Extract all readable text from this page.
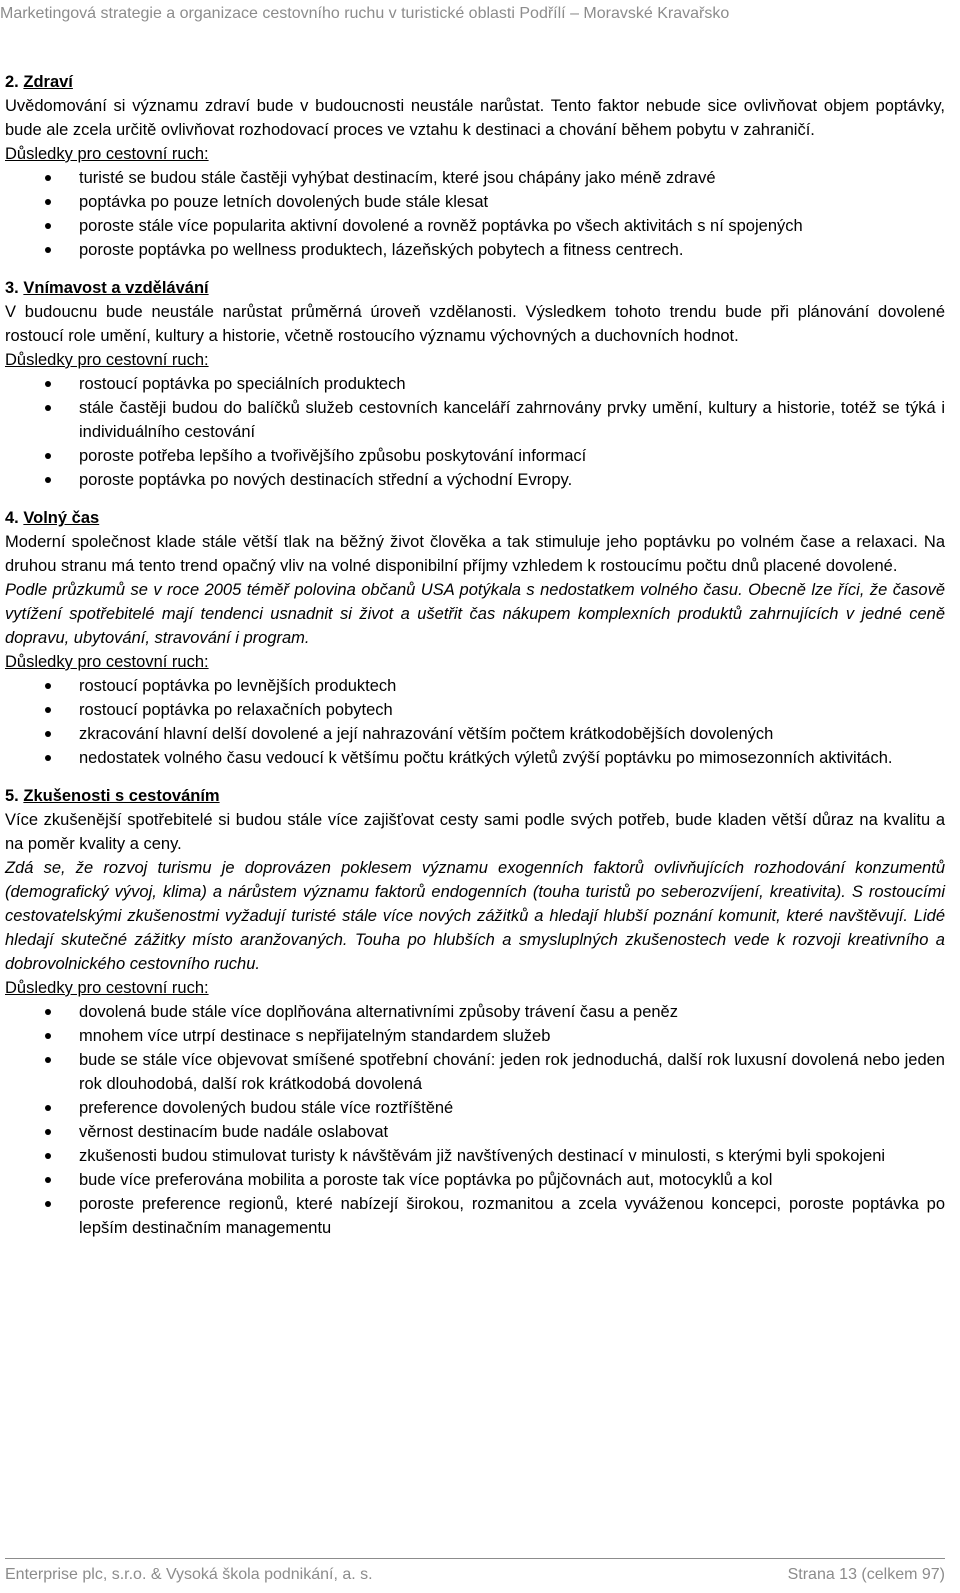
Marketingová strategie a organizace cestovního ruchu v turistické oblasti Podřílí – Moravské Kravařsko
2. Zdraví

Uvědomování si významu zdraví bude v budoucnosti neustále narůstat. Tento faktor nebude sice ovlivňovat objem poptávky, bude ale zcela určitě ovlivňovat rozhodovací proces ve vztahu k destinaci a chování během pobytu v zahraničí.

Důsledky pro cestovní ruch:
turisté se budou stále častěji vyhýbat destinacím, které jsou chápány jako méně zdravé
poptávka po pouze letních dovolených bude stále klesat
poroste stále více popularita aktivní dovolené a rovněž poptávka po všech aktivitách s ní spojených
poroste poptávka po wellness produktech, lázeňských pobytech a fitness centrech.
3. Vnímavost a vzdělávání

V budoucnu bude neustále narůstat průměrná úroveň vzdělanosti. Výsledkem tohoto trendu bude při plánování dovolené rostoucí role umění, kultury a historie, včetně rostoucího významu výchovných a duchovních hodnot.

Důsledky pro cestovní ruch:
rostoucí poptávka po speciálních produktech
stále častěji budou do balíčků služeb cestovních kanceláří zahrnovány prvky umění, kultury a historie, totéž se týká i individuálního cestování
poroste potřeba lepšího a tvořivějšího způsobu poskytování informací
poroste poptávka po nových destinacích střední a východní Evropy.
4. Volný čas

Moderní společnost klade stále větší tlak na běžný život člověka a tak stimuluje jeho poptávku po volném čase a relaxaci. Na druhou stranu má tento trend opačný vliv na volné disponibilní příjmy vzhledem k rostoucímu počtu dnů placené dovolené.

Podle průzkumů se v roce 2005 téměř polovina občanů USA potýkala s nedostatkem volného času. Obecně lze říci, že časově vytížení spotřebitelé mají tendenci usnadnit si život a ušetřit čas nákupem komplexních produktů zahrnujících v jedné ceně dopravu, ubytování, stravování i program.

Důsledky pro cestovní ruch:
rostoucí poptávka po levnějších produktech
rostoucí poptávka po relaxačních pobytech
zkracování hlavní delší dovolené a její nahrazování větším počtem krátkodobějších dovolených
nedostatek volného času vedoucí k většímu počtu krátkých výletů zvýší poptávku po mimosezonních aktivitách.
5. Zkušenosti s cestováním

Více zkušenější spotřebitelé si budou stále více zajišťovat cesty sami podle svých potřeb, bude kladen větší důraz na kvalitu a na poměr kvality a ceny.

Zdá se, že rozvoj turismu je doprovázen poklesem významu exogenních faktorů ovlivňujících rozhodování konzumentů (demografický vývoj, klima) a nárůstem významu faktorů endogenních (touha turistů po seberozvíjení, kreativita). S rostoucími cestovatelskými zkušenostmi vyžadují turisté stále více nových zážitků a hledají hlubší poznání komunit, které navštěvují. Lidé hledají skutečné zážitky místo aranžovaných. Touha po hlubších a smysluplných zkušenostech vede k rozvoji kreativního a dobrovolnického cestovního ruchu.

Důsledky pro cestovní ruch:
dovolená bude stále více doplňována alternativními způsoby trávení času a peněz
mnohem více utrpí destinace s nepřijatelným standardem služeb
bude se stále více objevovat smíšené spotřební chování: jeden rok jednoduchá, další rok luxusní dovolená nebo jeden rok dlouhodobá, další rok krátkodobá dovolená
preference dovolených budou stále více roztříštěné
věrnost destinacím bude nadále oslabovat
zkušenosti budou stimulovat turisty k návštěvám již navštívených destinací v minulosti, s kterými byli spokojeni
bude více preferována mobilita a poroste tak více poptávka po půjčovnách aut, motocyklů a kol
poroste preference regionů, které nabízejí širokou, rozmanitou a zcela vyváženou koncepci, poroste poptávka po lepším destinačním managementu
Enterprise plc, s.r.o. & Vysoká škola podnikání, a. s.	Strana 13 (celkem 97)
